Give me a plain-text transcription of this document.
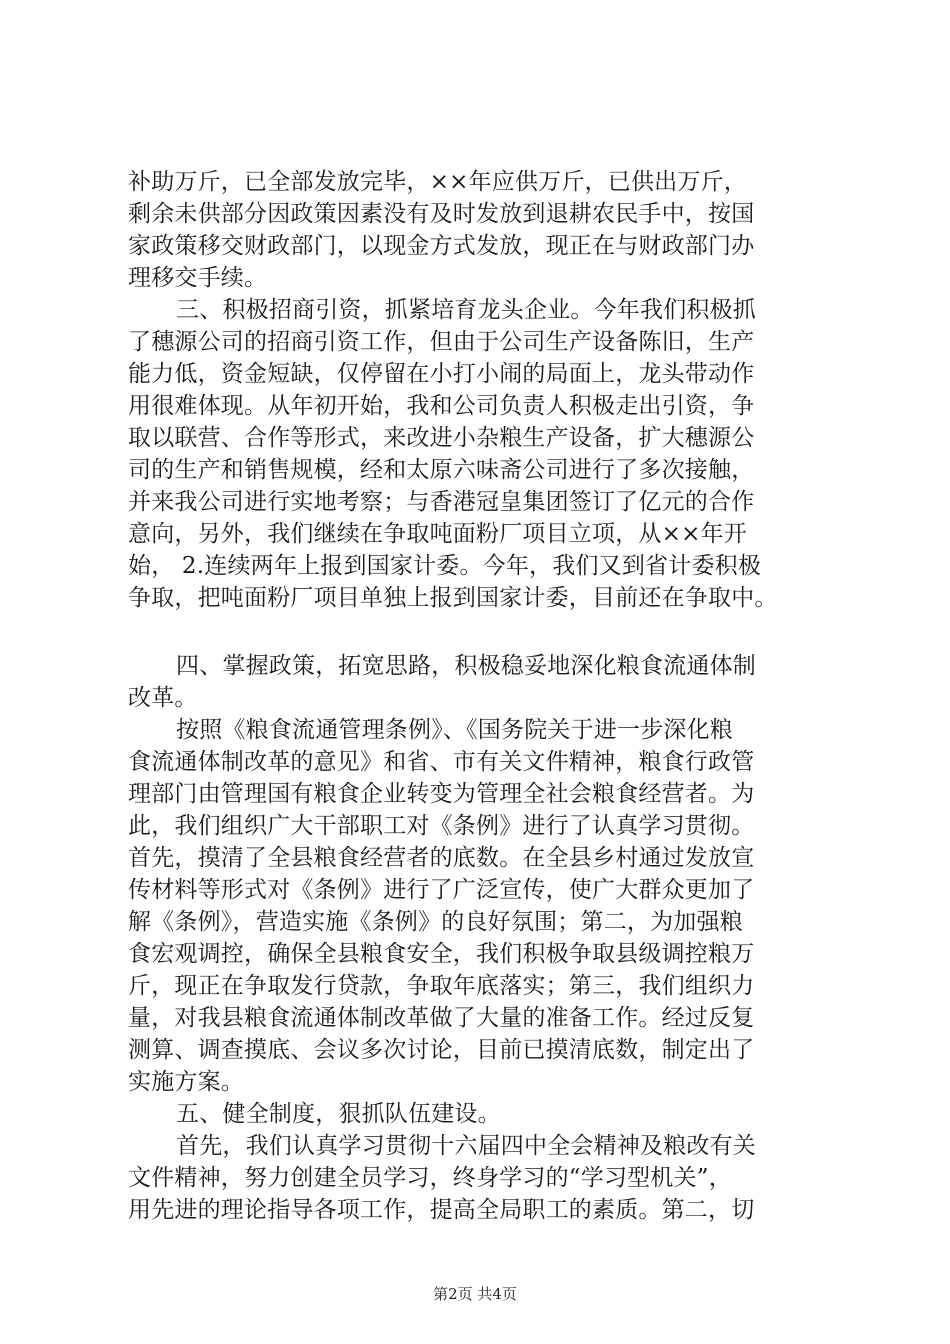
补助万斤，已全部发放完毕，××年应供万斤，已供出万斤，
剩余未供部分因政策因素没有及时发放到退耕农民手中，按国
家政策移交财政部门，以现金方式发放，现正在与财政部门办
理移交手续。
三、积极招商引资，抓紧培育龙头企业。今年我们积极抓
了穗源公司的招商引资工作，但由于公司生产设备陈旧，生产
能力低，资金短缺，仅停留在小打小闹的局面上，龙头带动作
用很难体现。从年初开始，我和公司负责人积极走出引资，争
取以联营、合作等形式，来改进小杂粮生产设备，扩大穗源公
司的生产和销售规模，经和太原六味斋公司进行了多次接触，
并来我公司进行实地考察；与香港冠皇集团签订了亿元的合作
意向，另外，我们继续在争取吨面粉厂项目立项，从××年开
始， 2.连续两年上报到国家计委。今年，我们又到省计委积极
争取，把吨面粉厂项目单独上报到国家计委，目前还在争取中。
四、掌握政策，拓宽思路，积极稳妥地深化粮食流通体制
改革。
按照《粮食流通管理条例》、《国务院关于进一步深化粮
食流通体制改革的意见》和省、市有关文件精神，粮食行政管
理部门由管理国有粮食企业转变为管理全社会粮食经营者。为
此，我们组织广大干部职工对《条例》进行了认真学习贯彻。
首先，摸清了全县粮食经营者的底数。在全县乡村通过发放宣
传材料等形式对《条例》进行了广泛宣传，使广大群众更加了
解《条例》，营造实施《条例》的良好氛围；第二，为加强粮
食宏观调控，确保全县粮食安全，我们积极争取县级调控粮万
斤，现正在争取发行贷款，争取年底落实；第三，我们组织力
量，对我县粮食流通体制改革做了大量的准备工作。经过反复
测算、调查摸底、会议多次讨论，目前已摸清底数，制定出了
实施方案。
五、健全制度，狠抓队伍建设。
首先，我们认真学习贯彻十六届四中全会精神及粮改有关
文件精神，努力创建全员学习，终身学习的“学习型机关”，
用先进的理论指导各项工作，提高全局职工的素质。第二，切
第2页 共4页
